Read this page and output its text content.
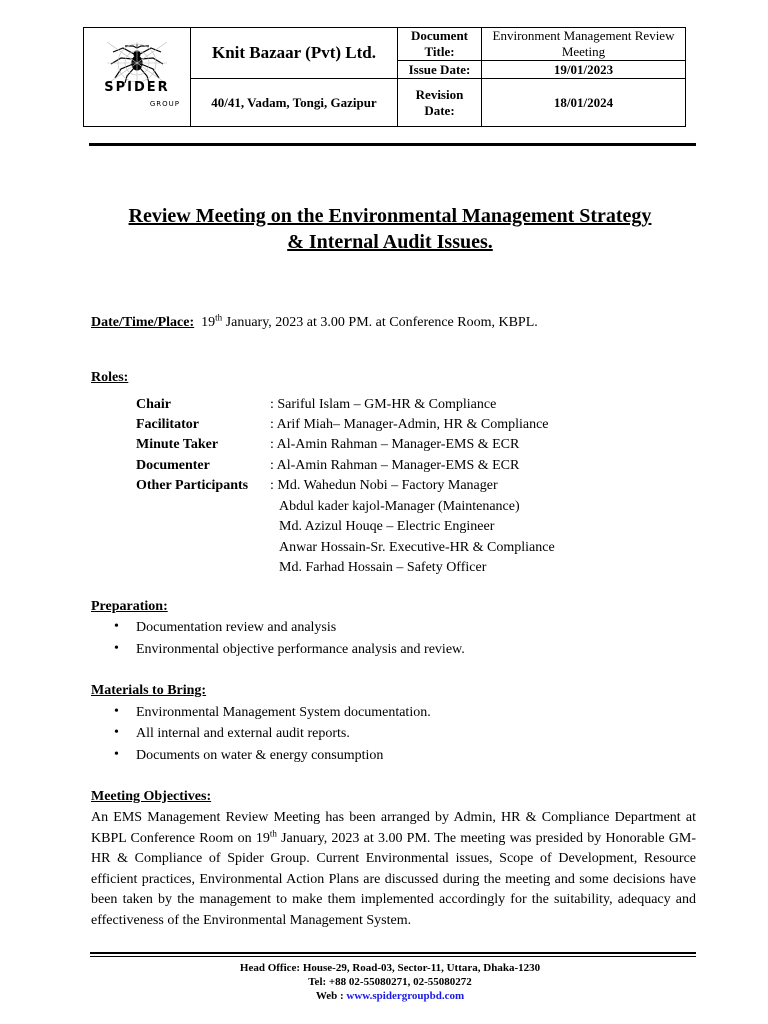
SPIDER
GROUP	Knit Bazaar (Pvt) Ltd.	Document Title:	Environment Management Review Meeting
		Issue Date:	19/01/2023
	40/41, Vadam, Tongi, Gazipur	Revision Date:	18/01/2024
Review Meeting on the Environmental Management Strategy
& Internal Audit Issues.
Date/Time/Place: 19th January, 2023 at 3.00 PM. at Conference Room, KBPL.
Roles:
Chair	: Sariful Islam – GM-HR & Compliance
Facilitator	: Arif Miah– Manager-Admin, HR & Compliance
Minute Taker	: Al-Amin Rahman – Manager-EMS & ECR
Documenter	: Al-Amin Rahman – Manager-EMS & ECR
Other Participants : Md. Wahedun Nobi – Factory Manager
Abdul kader kajol-Manager (Maintenance)
Md. Azizul Houqe – Electric Engineer
Anwar Hossain-Sr. Executive-HR & Compliance
Md. Farhad Hossain – Safety Officer
Preparation:
• Documentation review and analysis
• Environmental objective performance analysis and review.
Materials to Bring:
• Environmental Management System documentation.
• All internal and external audit reports.
• Documents on water & energy consumption
Meeting Objectives:
An EMS Management Review Meeting has been arranged by Admin, HR & Compliance Department at KBPL Conference Room on 19th January, 2023 at 3.00 PM. The meeting was presided by Honorable GM-HR & Compliance of Spider Group. Current Environmental issues, Scope of Development, Resource efficient practices, Environmental Action Plans are discussed during the meeting and some decisions have been taken by the management to make them implemented accordingly for the suitability, adequacy and effectiveness of the Environmental Management System.
Head Office: House-29, Road-03, Sector-11, Uttara, Dhaka-1230
Tel: +88 02-55080271, 02-55080272
Web : www.spidergroupbd.com
